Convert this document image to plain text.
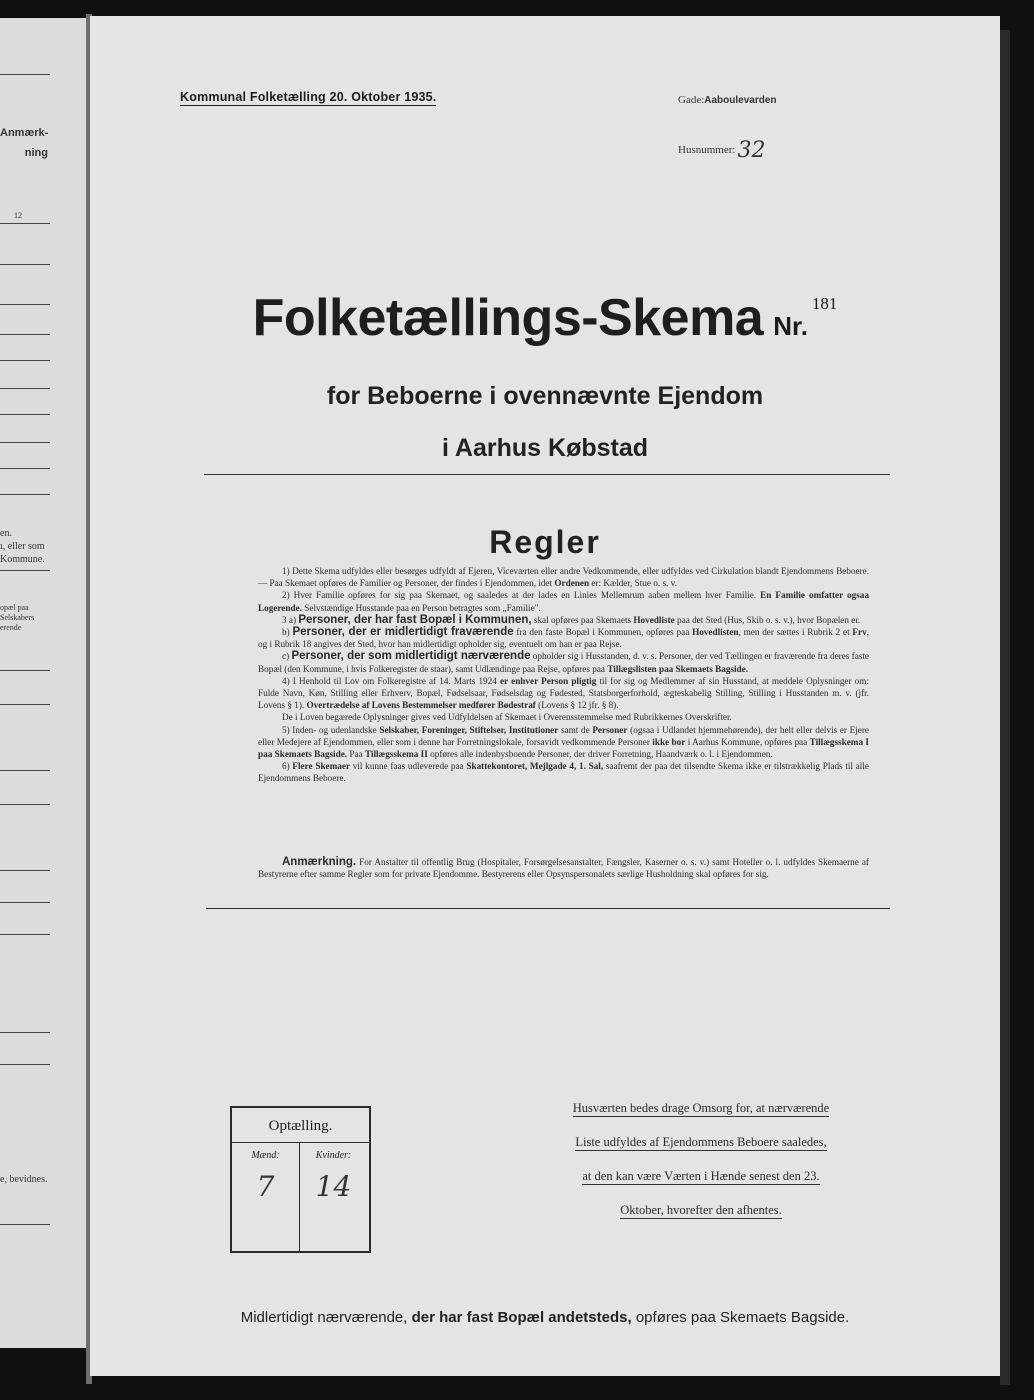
Anmærk-
ning
12
en.
ı, eller som
Kommune.
opæl paa
Selskabers
erende
e, bevidnes.
Kommunal Folketælling 20. Oktober 1935.	Gade:Aaboulevarden
Husnummer:32
Folketællings-Skema Nr.181
for Beboerne i ovennævnte Ejendom
i Aarhus Købstad
Regler

1) Dette Skema udfyldes eller besørges udfyldt af Ejeren, Viceværten eller andre Vedkommende, eller udfyldes ved Cirkulation blandt Ejendommens Beboere. — Paa Skemaet opføres de Familier og Personer, der findes i Ejendommen, idet Ordenen er: Kælder, Stue o. s. v.

2) Hver Familie opføres for sig paa Skemaet, og saaledes at der lades en Linies Mellemrum aaben mellem hver Familie. En Familie omfatter ogsaa Logerende. Selvstændige Husstande paa en Person betragtes som „Familie".

3 a) Personer, der har fast Bopæl i Kommunen, skal opføres paa Skemaets Hovedliste paa det Sted (Hus, Skib o. s. v.), hvor Bopælen er.

b) Personer, der er midlertidigt fraværende fra den faste Bopæl i Kommunen, opføres paa Hovedlisten, men der sættes i Rubrik 2 et Frv, og i Rubrik 18 angives det Sted, hvor han midlertidigt opholder sig, eventuelt om han er paa Rejse.

c) Personer, der som midlertidigt nærværende opholder sig i Husstanden, d. v. s. Personer, der ved Tællingen er fraværende fra deres faste Bopæl (den Kommune, i hvis Folkeregister de staar), samt Udlændinge paa Rejse, opføres paa Tillægslisten paa Skemaets Bagside.

4) I Henhold til Lov om Folkeregistre af 14. Marts 1924 er enhver Person pligtig til for sig og Medlemmer af sin Husstand, at meddele Oplysninger om: Fulde Navn, Køn, Stilling eller Erhverv, Bopæl, Fødselsaar, Fødselsdag og Fødested, Statsborgerforhold, ægteskabelig Stilling, Stilling i Husstanden m. v. (jfr. Lovens § 1). Overtrædelse af Lovens Bestemmelser medfører Bødestraf (Lovens § 12 jfr. § 8).

De i Loven begærede Oplysninger gives ved Udfyldelsen af Skemaet i Overensstemmelse med Rubrikkernes Overskrifter.

5) Inden- og udenlandske Selskaber, Foreninger, Stiftelser, Institutioner samt de Personer (ogsaa i Udlandet hjemmehørende), der helt eller delvis er Ejere eller Medejere af Ejendommen, eller som i denne har Forretningslokale, forsavidt vedkommende Personer ikke bor i Aarhus Kommune, opføres paa Tillægsskema I paa Skemaets Bagside. Paa Tillægsskema II opføres alle indenbysboende Personer, der driver Forretning, Haandværk o. l. i Ejendommen.

6) Flere Skemaer vil kunne faas udleverede paa Skattekontoret, Mejlgade 4, 1. Sal, saafremt der paa det tilsendte Skema ikke er tilstrækkelig Plads til alle Ejendommens Beboere.

Anmærkning. For Anstalter til offentlig Brug (Hospitaler, Forsørgelsesanstalter, Fængsler, Kaserner o. s. v.) samt Hoteller o. l. udfyldes Skemaerne af Bestyrerne efter samme Regler som for private Ejendomme. Bestyrerens eller Opsynspersonalets særlige Husholdning skal opføres for sig.

Optælling.
Mænd:	Kvinder:
7	14
Husværten bedes drage Omsorg for, at nærværende
Liste udfyldes af Ejendommens Beboere saaledes,
at den kan være Værten i Hænde senest den 23.
Oktober, hvorefter den afhentes.
Midlertidigt nærværende, der har fast Bopæl andetsteds, opføres paa Skemaets Bagside.
